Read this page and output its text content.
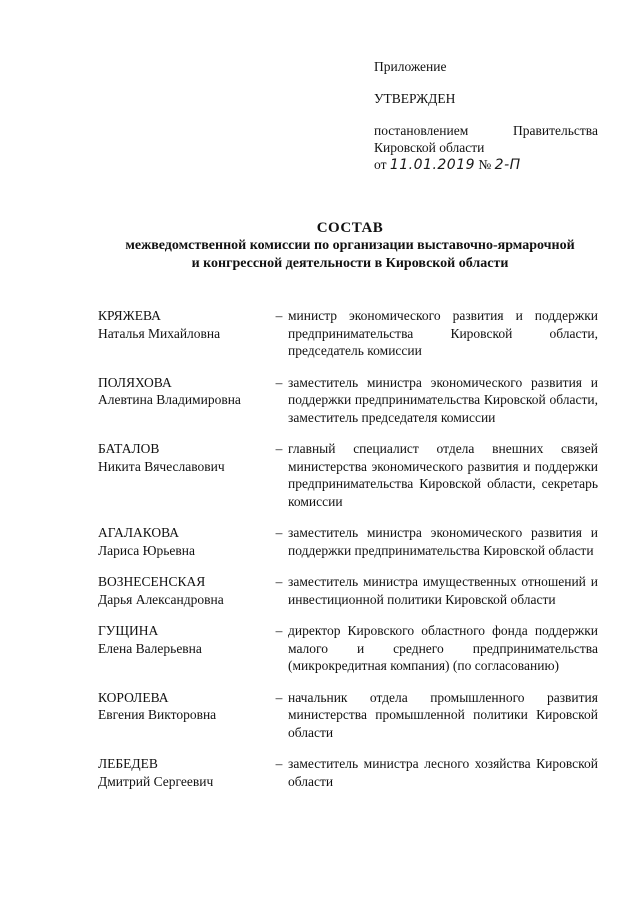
Приложение
УТВЕРЖДЕН
постановлением	Правительства
Кировской области
от 11.01.2019 № 2-П
СОСТАВ
межведомственной комиссии по организации выставочно-ярмарочной
и конгрессной деятельности в Кировской области
КРЯЖЕВА
Наталья Михайловна
– министр экономического развития и поддержки предпринимательства Кировской области, председатель комиссии
ПОЛЯХОВА
Алевтина Владимировна
– заместитель министра экономического развития и поддержки предпринимательства Кировской области, заместитель председателя комиссии
БАТАЛОВ
Никита Вячеславович
– главный специалист отдела внешних связей министерства экономического развития и поддержки предпринимательства Кировской области, секретарь комиссии
АГАЛАКОВА
Лариса Юрьевна
– заместитель министра экономического развития и поддержки предпринимательства Кировской области
ВОЗНЕСЕНСКАЯ
Дарья Александровна
– заместитель министра имущественных отношений и инвестиционной политики Кировской области
ГУЩИНА
Елена Валерьевна
– директор Кировского областного фонда поддержки малого и среднего предпринимательства (микрокредитная компания) (по согласованию)
КОРОЛЕВА
Евгения Викторовна
– начальник отдела промышленного развития министерства промышленной политики Кировской области
ЛЕБЕДЕВ
Дмитрий Сергеевич
– заместитель министра лесного хозяйства Кировской области
